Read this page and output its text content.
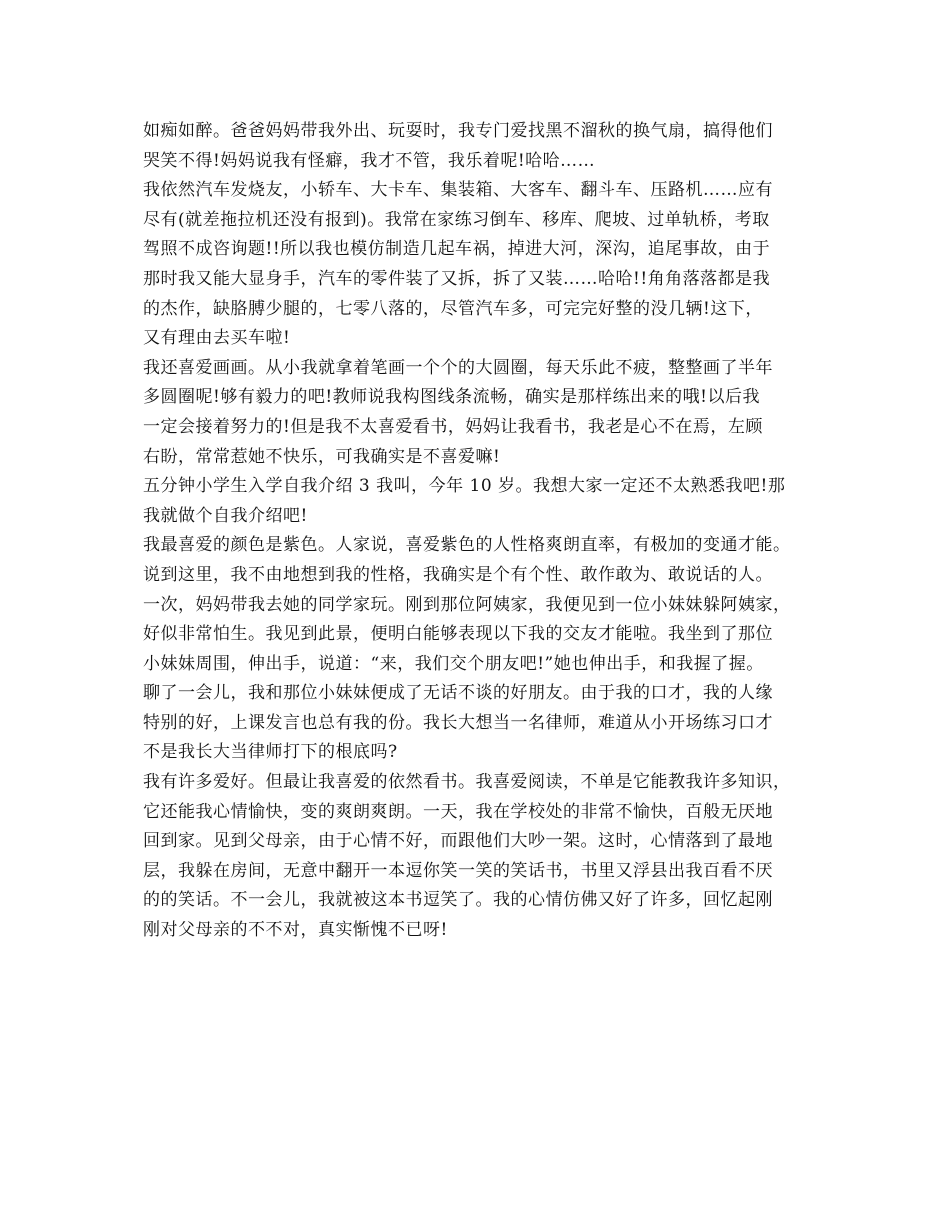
如痴如醉。爸爸妈妈带我外出、玩耍时，我专门爱找黑不溜秋的换气扇，搞得他们
哭笑不得!妈妈说我有怪癖，我才不管，我乐着呢!哈哈……
我依然汽车发烧友，小轿车、大卡车、集装箱、大客车、翻斗车、压路机……应有
尽有(就差拖拉机还没有报到)。我常在家练习倒车、移库、爬坡、过单轨桥，考取
驾照不成咨询题!!所以我也模仿制造几起车祸，掉进大河，深沟，追尾事故，由于
那时我又能大显身手，汽车的零件装了又拆，拆了又装……哈哈!!角角落落都是我
的杰作，缺胳膊少腿的，七零八落的，尽管汽车多，可完完好整的没几辆!这下，
又有理由去买车啦!
我还喜爱画画。从小我就拿着笔画一个个的大圆圈，每天乐此不疲，整整画了半年
多圆圈呢!够有毅力的吧!教师说我构图线条流畅，确实是那样练出来的哦!以后我
一定会接着努力的!但是我不太喜爱看书，妈妈让我看书，我老是心不在焉，左顾
右盼，常常惹她不快乐，可我确实是不喜爱嘛!
五分钟小学生入学自我介绍 3 我叫，今年 10 岁。我想大家一定还不太熟悉我吧!那
我就做个自我介绍吧!
我最喜爱的颜色是紫色。人家说，喜爱紫色的人性格爽朗直率，有极加的变通才能。
说到这里，我不由地想到我的性格，我确实是个有个性、敢作敢为、敢说话的人。
一次，妈妈带我去她的同学家玩。刚到那位阿姨家，我便见到一位小妹妹躲阿姨家，
好似非常怕生。我见到此景，便明白能够表现以下我的交友才能啦。我坐到了那位
小妹妹周围，伸出手，说道：“来，我们交个朋友吧!”她也伸出手，和我握了握。
聊了一会儿，我和那位小妹妹便成了无话不谈的好朋友。由于我的口才，我的人缘
特别的好，上课发言也总有我的份。我长大想当一名律师，难道从小开场练习口才
不是我长大当律师打下的根底吗?
我有许多爱好。但最让我喜爱的依然看书。我喜爱阅读，不单是它能教我许多知识，
它还能我心情愉快，变的爽朗爽朗。一天，我在学校处的非常不愉快，百般无厌地
回到家。见到父母亲，由于心情不好，而跟他们大吵一架。这时，心情落到了最地
层，我躲在房间，无意中翻开一本逗你笑一笑的笑话书，书里又浮县出我百看不厌
的的笑话。不一会儿，我就被这本书逗笑了。我的心情仿佛又好了许多，回忆起刚
刚对父母亲的不不对，真实惭愧不已呀!
